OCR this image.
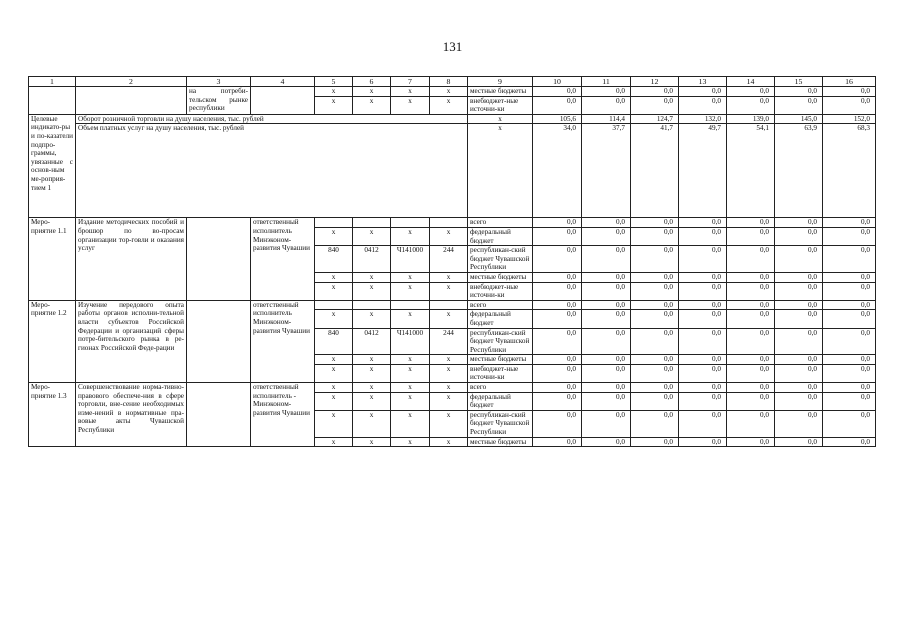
131
1	2	3	4	5	6	7	8	9	10	11	12	13	14	15	16
		на потреби-тельском рынке республики		x	x	x	x	местные бюджеты	0,0	0,0	0,0	0,0	0,0	0,0	0,0
				x	x	x	x	внебюджет-ные источни-ки	0,0	0,0	0,0	0,0	0,0	0,0	0,0
Целевые индикато-ры и по-казатели подпро-граммы, увязанные с основ-ным ме-роприя-тием 1	Оборот розничной торговли на душу населения, тыс. рублей							x	105,6	114,4	124,7	132,0	139,0	145,0	152,0
	Объем платных услуг на душу населения, тыс. рублей							x	34,0	37,7	41,7	49,7	54,1	63,9	68,3
Меро-приятие 1.1	Издание методических пособий и брошюр по во-просам организации тор-говли и оказания услуг		ответственный исполнитель Минэконом-развития Чувашии					всего	0,0	0,0	0,0	0,0	0,0	0,0	0,0
				x	x	x	x	федеральный бюджет	0,0	0,0	0,0	0,0	0,0	0,0	0,0
				840	0412	Ч141000	244	республикан-ский бюджет Чувашской Республики	0,0	0,0	0,0	0,0	0,0	0,0	0,0
				x	x	x	x	местные бюджеты	0,0	0,0	0,0	0,0	0,0	0,0	0,0
				x	x	x	x	внебюджет-ные источни-ки	0,0	0,0	0,0	0,0	0,0	0,0	0,0
Меро-приятие 1.2	Изучение передового опыта работы органов исполни-тельной власти субъектов Российской Федерации и организаций сферы потре-бительского рынка в ре-гионах Российской Феде-рации		ответственный исполнитель Минэконом-развития Чувашии					всего	0,0	0,0	0,0	0,0	0,0	0,0	0,0
				x	x	x	x	федеральный бюджет	0,0	0,0	0,0	0,0	0,0	0,0	0,0
				840	0412	Ч141000	244	республикан-ский бюджет Чувашской Республики	0,0	0,0	0,0	0,0	0,0	0,0	0,0
				x	x	x	x	местные бюджеты	0,0	0,0	0,0	0,0	0,0	0,0	0,0
				x	x	x	x	внебюджет-ные источни-ки	0,0	0,0	0,0	0,0	0,0	0,0	0,0
Меро-приятие 1.3	Совершенствование норма-тивно-правового обеспече-ния в сфере торговли, вне-сение необходимых изме-нений в нормативные пра-вовые акты Чувашской Республики		ответственный исполнитель - Минэконом-развития Чувашии	x	x	x	x	всего	0,0	0,0	0,0	0,0	0,0	0,0	0,0
				x	x	x	x	федеральный бюджет	0,0	0,0	0,0	0,0	0,0	0,0	0,0
				x	x	x	x	республикан-ский бюджет Чувашской Республики	0,0	0,0	0,0	0,0	0,0	0,0	0,0
				x	x	x	x	местные бюджеты	0,0	0,0	0,0	0,0	0,0	0,0	0,0
